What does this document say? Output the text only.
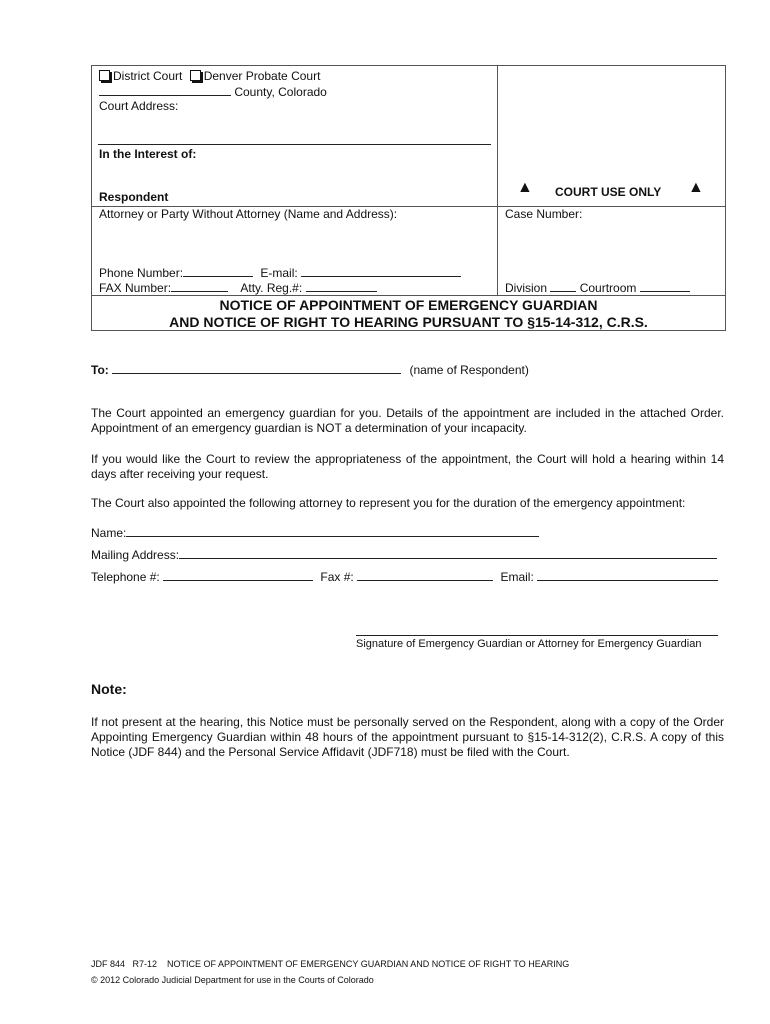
District Court Denver Probate Court
County, Colorado
Court Address:
In the Interest of:
Respondent
▲ COURT USE ONLY ▲
Attorney or Party Without Attorney (Name and Address):
Phone Number:	E-mail:
FAX Number:	Atty. Reg.#:
Case Number:
Division	Courtroom
NOTICE OF APPOINTMENT OF EMERGENCY GUARDIAN
AND NOTICE OF RIGHT TO HEARING PURSUANT TO §15-14-312, C.R.S.
To:	(name of Respondent)
The Court appointed an emergency guardian for you. Details of the appointment are included in the attached Order. Appointment of an emergency guardian is NOT a determination of your incapacity.
If you would like the Court to review the appropriateness of the appointment, the Court will hold a hearing within 14 days after receiving your request.
The Court also appointed the following attorney to represent you for the duration of the emergency appointment:
Name:
Mailing Address:
Telephone #:	Fax #:	Email:
Signature of Emergency Guardian or Attorney for Emergency Guardian
Note:
If not present at the hearing, this Notice must be personally served on the Respondent, along with a copy of the Order Appointing Emergency Guardian within 48 hours of the appointment pursuant to §15-14-312(2), C.R.S. A copy of this Notice (JDF 844) and the Personal Service Affidavit (JDF718) must be filed with the Court.
JDF 844   R7-12    NOTICE OF APPOINTMENT OF EMERGENCY GUARDIAN AND NOTICE OF RIGHT TO HEARING
© 2012 Colorado Judicial Department for use in the Courts of Colorado
